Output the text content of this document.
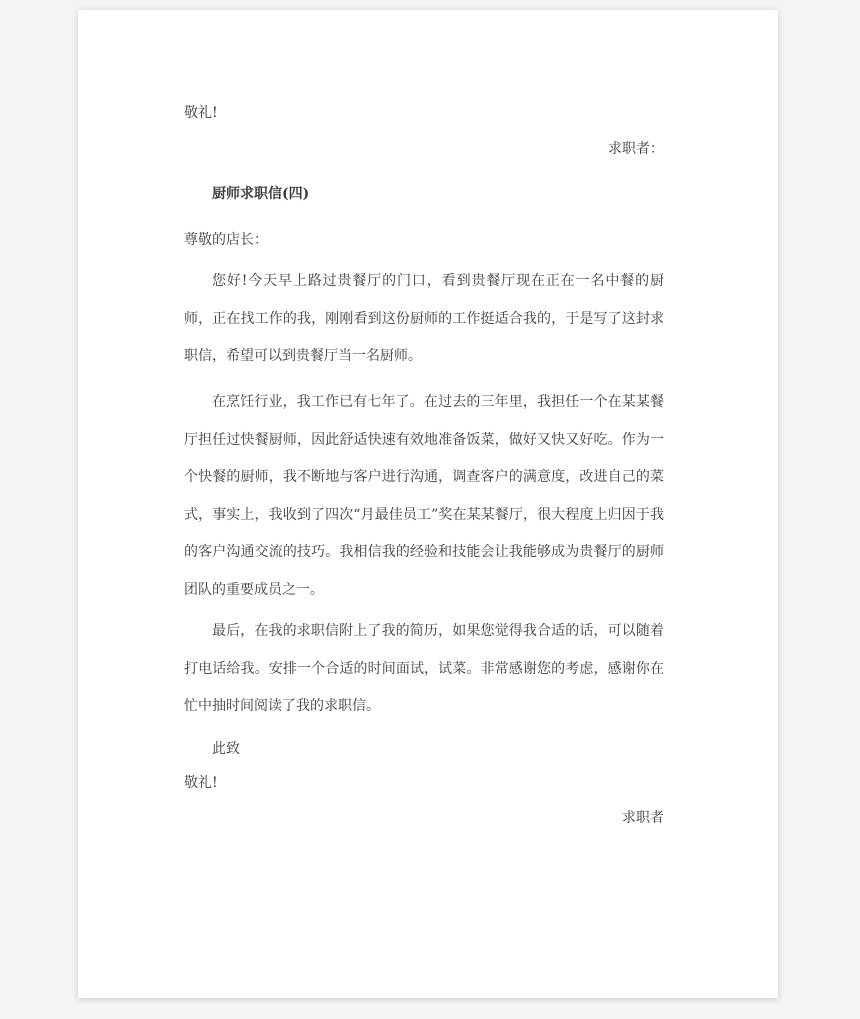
敬礼!
求职者：
厨师求职信(四)
尊敬的店长：
您好!今天早上路过贵餐厅的门口，看到贵餐厅现在正在一名中餐的厨师，正在找工作的我，刚刚看到这份厨师的工作挺适合我的，于是写了这封求职信，希望可以到贵餐厅当一名厨师。
在烹饪行业，我工作已有七年了。在过去的三年里，我担任一个在某某餐厅担任过快餐厨师，因此舒适快速有效地准备饭菜，做好又快又好吃。作为一个快餐的厨师，我不断地与客户进行沟通，调查客户的满意度，改进自己的菜式，事实上，我收到了四次“月最佳员工”奖在某某餐厅，很大程度上归因于我的客户沟通交流的技巧。我相信我的经验和技能会让我能够成为贵餐厅的厨师团队的重要成员之一。
最后，在我的求职信附上了我的简历，如果您觉得我合适的话，可以随着打电话给我。安排一个合适的时间面试，试菜。非常感谢您的考虑，感谢你在忙中抽时间阅读了我的求职信。
此致
敬礼!
求职者
